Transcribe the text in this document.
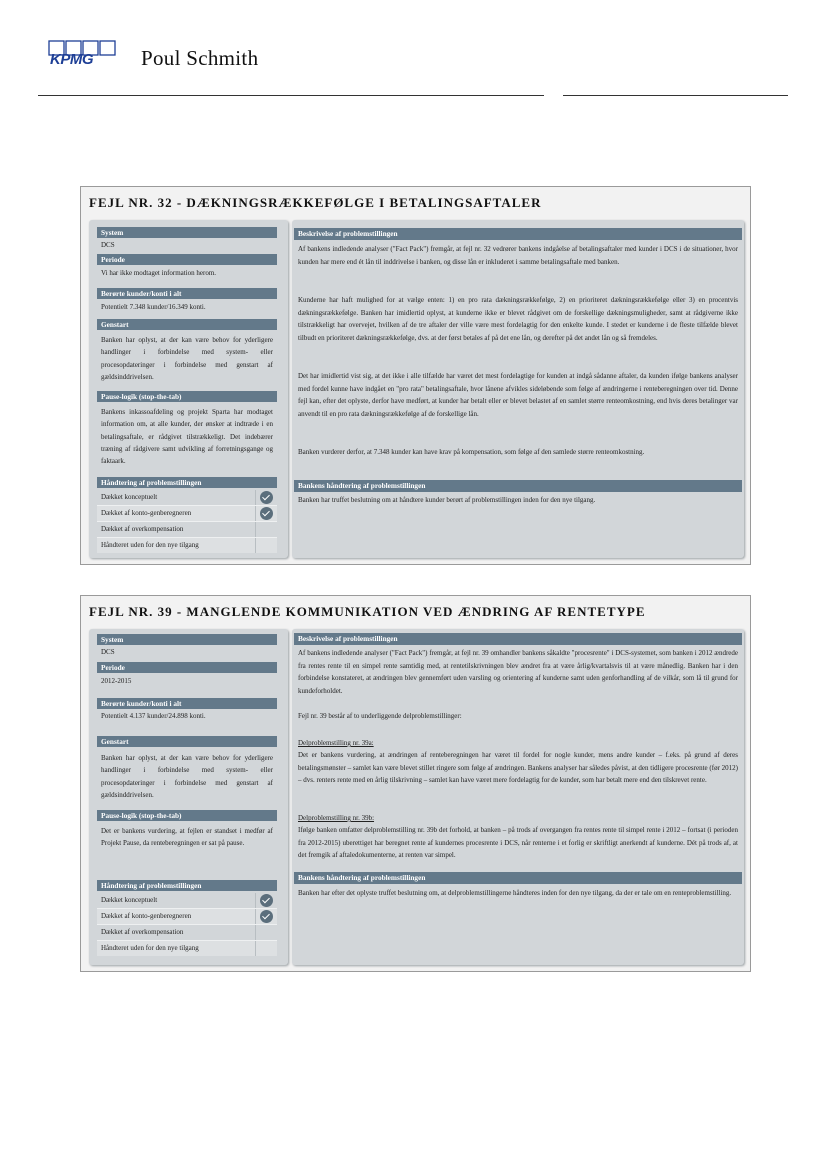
KPMG Poul Schmith
FEJL NR. 32 - DÆKNINGSRÆKKEFØLGE I BETALINGSAFTALER
System
DCS
Periode
Vi har ikke modtaget information herom.
Berørte kunder/konti i alt
Potentielt 7.348 kunder/16.349 konti.
Genstart
Banken har oplyst, at der kan være behov for yderligere handlinger i forbindelse med system- eller procesopdateringer i forbindelse med genstart af gældsinddrivelsen.
Pause-logik (stop-the-tab)
Bankens inkassoafdeling og projekt Sparta har modtaget information om, at alle kunder, der ønsker at indtræde i en betalingsaftale, er rådgivet tilstrækkeligt. Det indebærer træning af rådgivere samt udvikling af forretningsgange og faktaark.
Håndtering af problemstillingen
Dækket konceptuelt
Dækket af konto-genberegneren
Dækket af overkompensation
Håndteret uden for den nye tilgang
Beskrivelse af problemstillingen
Af bankens indledende analyser ("Fact Pack") fremgår, at fejl nr. 32 vedrører bankens indgåelse af betalingsaftaler med kunder i DCS i de situationer, hvor kunden har mere end ét lån til inddrivelse i banken, og disse lån er inkluderet i samme betalingsaftale med banken.
Kunderne har haft mulighed for at vælge enten: 1) en pro rata dækningsrækkefølge, 2) en prioriteret dækningsrækkefølge eller 3) en procentvis dækningsrækkefølge. Banken har imidlertid oplyst, at kunderne ikke er blevet rådgivet om de forskellige dækningsmuligheder, samt at rådgiverne ikke tilstrækkeligt har overvejet, hvilken af de tre aftaler der ville være mest fordelagtig for den enkelte kunde. I stedet er kunderne i de fleste tilfælde blevet tilbudt en prioriteret dækningsrækkefølge, dvs. at der først betales af på det ene lån, og derefter på det andet lån og så fremdeles.
Det har imidlertid vist sig, at det ikke i alle tilfælde har været det mest fordelagtige for kunden at indgå sådanne aftaler, da kunden ifølge bankens analyser med fordel kunne have indgået en "pro rata" betalingsaftale, hvor lånene afvikles sideløbende som følge af ændringerne i renteberegningen over tid. Denne fejl kan, efter det oplyste, derfor have medført, at kunder har betalt eller er blevet belastet af en samlet større renteomkostning, end hvis deres betalinger var anvendt til en pro rata dækningsrækkefølge af de forskellige lån.
Banken vurderer derfor, at 7.348 kunder kan have krav på kompensation, som følge af den samlede større renteomkostning.
Bankens håndtering af problemstillingen
Banken har truffet beslutning om at håndtere kunder berørt af problemstillingen inden for den nye tilgang.
FEJL NR. 39 - MANGLENDE KOMMUNIKATION VED ÆNDRING AF RENTETYPE
System
DCS
Periode
2012-2015
Berørte kunder/konti i alt
Potentielt 4.137 kunder/24.898 konti.
Genstart
Banken har oplyst, at der kan være behov for yderligere handlinger i forbindelse med system- eller procesopdateringer i forbindelse med genstart af gældsinddrivelsen.
Pause-logik (stop-the-tab)
Det er bankens vurdering, at fejlen er standset i medfør af Projekt Pause, da renteberegningen er sat på pause.
Håndtering af problemstillingen
Dækket konceptuelt
Dækket af konto-genberegneren
Dækket af overkompensation
Håndteret uden for den nye tilgang
Beskrivelse af problemstillingen
Af bankens indledende analyser ("Fact Pack") fremgår, at fejl nr. 39 omhandler bankens såkaldte "procesrente" i DCS-systemet, som banken i 2012 ændrede fra rentes rente til en simpel rente samtidig med, at rentetilskrivningen blev ændret fra at være årlig/kvartalsvis til at være månedlig. Banken har i den forbindelse konstateret, at ændringen blev gennemført uden varsling og orientering af kunderne samt uden genforhandling af de vilkår, som lå til grund for kundeforholdet.
Fejl nr. 39 består af to underliggende delproblemstillinger:
Delproblemstilling nr. 39a:
Det er bankens vurdering, at ændringen af renteberegningen har været til fordel for nogle kunder, mens andre kunder – f.eks. på grund af deres betalingsmønster – samlet kan være blevet stillet ringere som følge af ændringen. Bankens analyser har således påvist, at den tidligere procesrente (før 2012) – dvs. renters rente med en årlig tilskrivning – samlet kan have været mere fordelagtig for de kunder, som har betalt mere end den tilskrevet rente.
Delproblemstilling nr. 39b:
Ifølge banken omfatter delproblemstilling nr. 39b det forhold, at banken – på trods af overgangen fra rentes rente til simpel rente i 2012 – fortsat (i perioden fra 2012-2015) uberettiget har beregnet rente af kundernes procesrente i DCS, når renterne i et forlig er skriftligt anerkendt af kunderne. Dét på trods af, at det fremgik af aftaledokumenterne, at renten var simpel.
Bankens håndtering af problemstillingen
Banken har efter det oplyste truffet beslutning om, at delproblemstillingerne håndteres inden for den nye tilgang, da der er tale om en renteproblemstilling.
